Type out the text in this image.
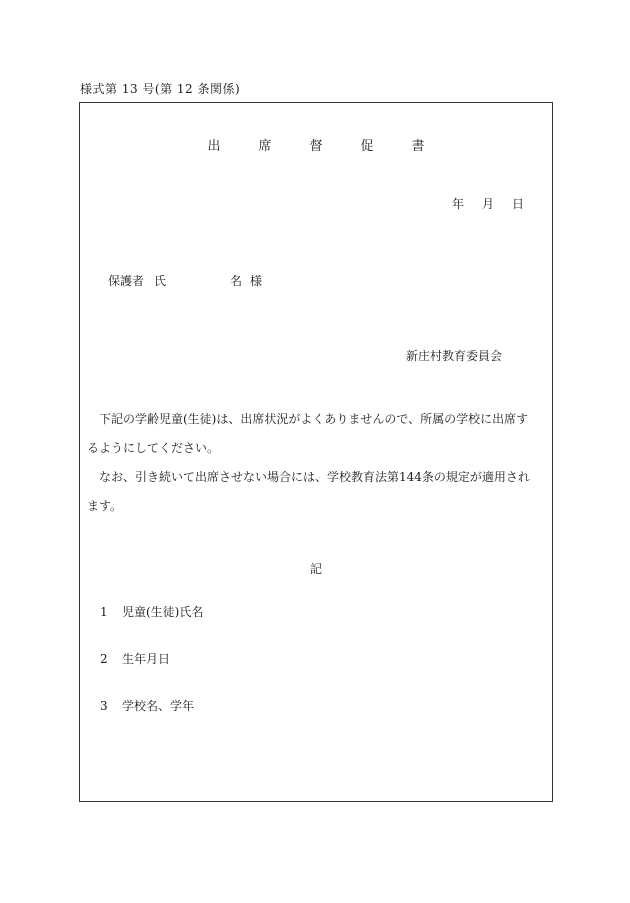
様式第 13 号(第 12 条関係)
出	席	督	促	書
年 月 日
保護者 氏	名 様
新庄村教育委員会

下記の学齢児童(生徒)は、出席状況がよくありませんので、所属の学校に出席するようにしてください。

なお、引き続いて出席させない場合には、学校教育法第144条の規定が適用されます。

記
1 児童(生徒)氏名
2 生年月日
3 学校名、学年
